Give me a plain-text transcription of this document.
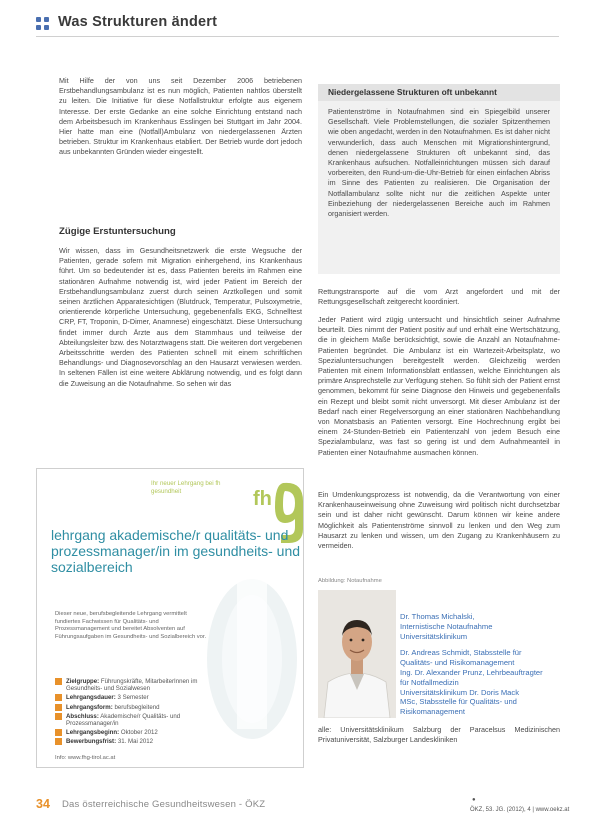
Was Strukturen ändert

Mit Hilfe der von uns seit Dezember 2006 betriebenen Erstbehandlungsambulanz ist es nun möglich, Patienten nahtlos überstellt zu leiten. Die Initiative für diese Notfallstruktur erfolgte aus eigenem Interesse. Der erste Gedanke an eine solche Einrichtung entstand nach dem Arbeitsbesuch im Krankenhaus Esslingen bei Stuttgart im Jahr 2004. Hier hatte man eine (Notfall)Ambulanz von niedergelassenen Ärzten betrieben. Struktur im Krankenhaus etabliert. Der Betrieb wurde dort jedoch aus unbekannten Gründen wieder eingestellt.

Zügige Erstuntersuchung

Wir wissen, dass im Gesundheitsnetzwerk die erste Wegsuche der Patienten, gerade sofern mit Migration einhergehend, ins Krankenhaus führt. Um so bedeutender ist es, dass Patienten bereits im Rahmen eine stationären Aufnahme notwendig ist, wird jeder Patient im Bereich der Erstbehandlungsambulanz zuerst durch seinen Arztkollegen und somit seinen ärztlichen Apparatesichtigen (Blutdruck, Temperatur, Pulsoxymetrie, orientierende körperliche Untersuchung, gegebenenfalls EKG, Schnelltest CRP, FT, Troponin, D-Dimer, Anamnese) eingeschätzt. Diese Untersuchung findet immer durch Ärzte aus dem Stammhaus und teilweise der Abteilungsleiter bzw. des Notarztwagens statt. Die weiteren dort vergebenen Arbeitsschritte werden des Patienten schnell mit einem schriftlichen Behandlungs- und Diagnosevorschlag an den Hausarzt verwiesen werden. In seltenen Fällen ist eine weitere Abklärung notwendig, und es folgt dann die Zuweisung an die Notaufnahme. So sehen wir das

Niedergelassene Strukturen oft unbekannt
Patientenströme in Notaufnahmen sind ein Spiegelbild unserer Gesellschaft. Viele Problemstellungen, die sozialer Spitzenthemen wie oben angedacht, werden in den Notaufnahmen. Es ist daher nicht verwunderlich, dass auch Menschen mit Migrationshintergrund, denen niedergelassene Strukturen oft unbekannt sind, das Krankenhaus aufsuchen. Notfalleinrichtungen müssen sich darauf vorbereiten, den Rund-um-die-Uhr-Betrieb für einen einfachen Abriss im Sinne des Patienten zu realisieren. Die Organisation der Notfallambulanz sollte nicht nur die zeitlichen Aspekte unter Einbeziehung der niedergelassenen Bereiche auch im Rahmen organisiert werden.
Rettungstransporte auf die vom Arzt angefordert und mit der Rettungsgesellschaft zeitgerecht koordiniert.
Jeder Patient wird zügig untersucht und hinsichtlich seiner Aufnahme beurteilt. Dies nimmt der Patient positiv auf und erhält eine Wertschätzung, die in gleichem Maße berücksichtigt, sowie die Anzahl an Notaufnahme-Patienten begründet. Die Ambulanz ist ein Wartezeit-Arbeitsplatz, wo Spezialuntersuchungen bereitgestellt werden. Gleichzeitig werden Patienten mit einem Informationsblatt entlassen, welche Einrichtungen als primäre Ansprechstelle zur Verfügung stehen. So fühlt sich der Patient ernst genommen, bekommt für seine Diagnose den Hinweis und gegebenenfalls ein Rezept und bleibt somit nicht unversorgt. Mit dieser Ambulanz ist der Bedarf nach einer Regelversorgung an einer stationären Nachbehandlung von Monatsbasis an Patienten versorgt. Eine Hochrechnung ergibt bei einem 24-Stunden-Betrieb ein Patientenzahl von jedem Besuch eine Spezialambulanz, was fast so gering ist und dem Aufnahmeanteil in Patienten einer Notaufnahme ausmachen können.
Ein Umdenkungsprozess ist notwendig, da die Verantwortung von einer Krankenhauseinweisung ohne Zuweisung wird politisch nicht durchsetzbar sein und ist daher nicht gewünscht. Darum können wir keine andere Möglichkeit als Patientenströme sinnvoll zu lenken und den Weg zum Hausarzt zu lenken und wissen, um den Zugang zu Krankenhäusern zu vermeiden.
Abbildung: Notaufnahme
Dr. Thomas Michalski,
Internistische Notaufnahme
Universitätsklinikum
Dr. Andreas Schmidt, Stabsstelle für
Qualitäts- und Risikomanagement
Ing. Dr. Alexander Prunz, Lehrbeauftragter
für Notfallmedizin
Universitätsklinikum Dr. Doris Mack
MSc, Stabsstelle für Qualitäts- und
Risikomanagement
alle: Universitätsklinikum Salzburg der Paracelsus Medizinischen Privatuniversität, Salzburger Landeskliniken
Ihr neuer Lehrgang bei fh gesundheit	fh
lehrgang akademische/r qualitäts- und prozessmanager/in im gesundheits- und sozialbereich
Dieser neue, berufsbegleitende Lehrgang vermittelt fundiertes Fachwissen für Qualitäts- und Prozessmanagement und bereitet Absolventen auf Führungsaufgaben im Gesundheits- und Sozialbereich vor.
Zielgruppe: Führungskräfte, MitarbeiterInnen im Gesundheits- und Sozialwesen
Lehrgangsdauer: 3 Semester
Lehrgangsform: berufsbegleitend
Abschluss: Akademische/r Qualitäts- und Prozessmanager/in
Lehrgangsbeginn: Oktober 2012
Bewerbungsfrist: 31. Mai 2012
Info: www.fhg-tirol.ac.at
34 Das österreichische Gesundheitswesen - ÖKZ	●
ÖKZ, 53. JG. (2012), 4 | www.oekz.at
